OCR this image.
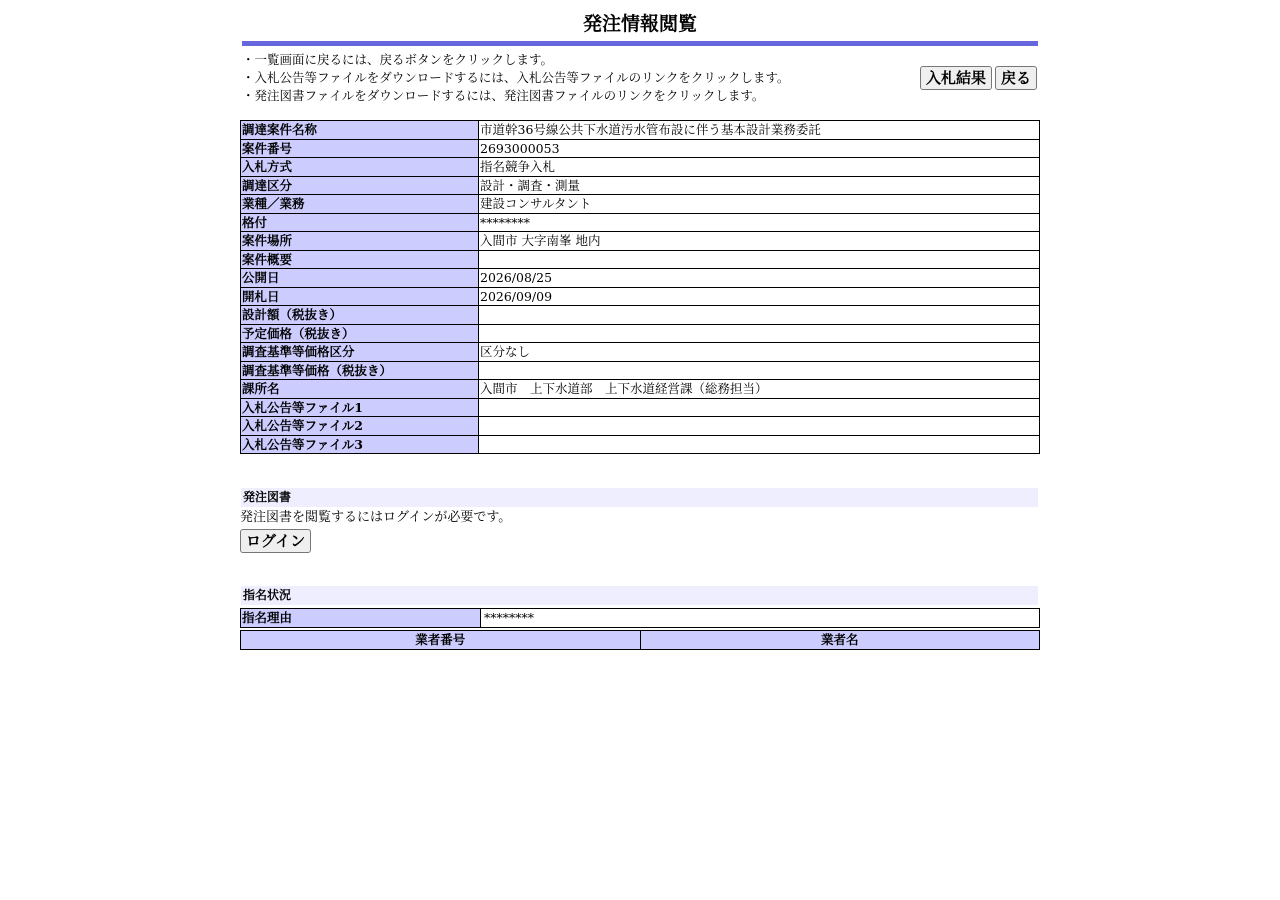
発注情報閲覧
・一覧画面に戻るには、戻るボタンをクリックします。
・入札公告等ファイルをダウンロードするには、入札公告等ファイルのリンクをクリックします。
・発注図書ファイルをダウンロードするには、発注図書ファイルのリンクをクリックします。
入札結果	戻る
調達案件名称	市道幹36号線公共下水道汚水管布設に伴う基本設計業務委託
案件番号	2693000053
入札方式	指名競争入札
調達区分	設計・調査・測量
業種／業務	建設コンサルタント
格付	********
案件場所	入間市 大字南峯 地内
案件概要	
公開日	2026/08/25
開札日	2026/09/09
設計額（税抜き）	
予定価格（税抜き）	
調査基準等価格区分	区分なし
調査基準等価格（税抜き）	
課所名	入間市　上下水道部　上下水道経営課（総務担当）
入札公告等ファイル1	
入札公告等ファイル2	
入札公告等ファイル3	
発注図書
発注図書を閲覧するにはログインが必要です。
ログイン
指名状況
指名理由	********
業者番号	業者名
